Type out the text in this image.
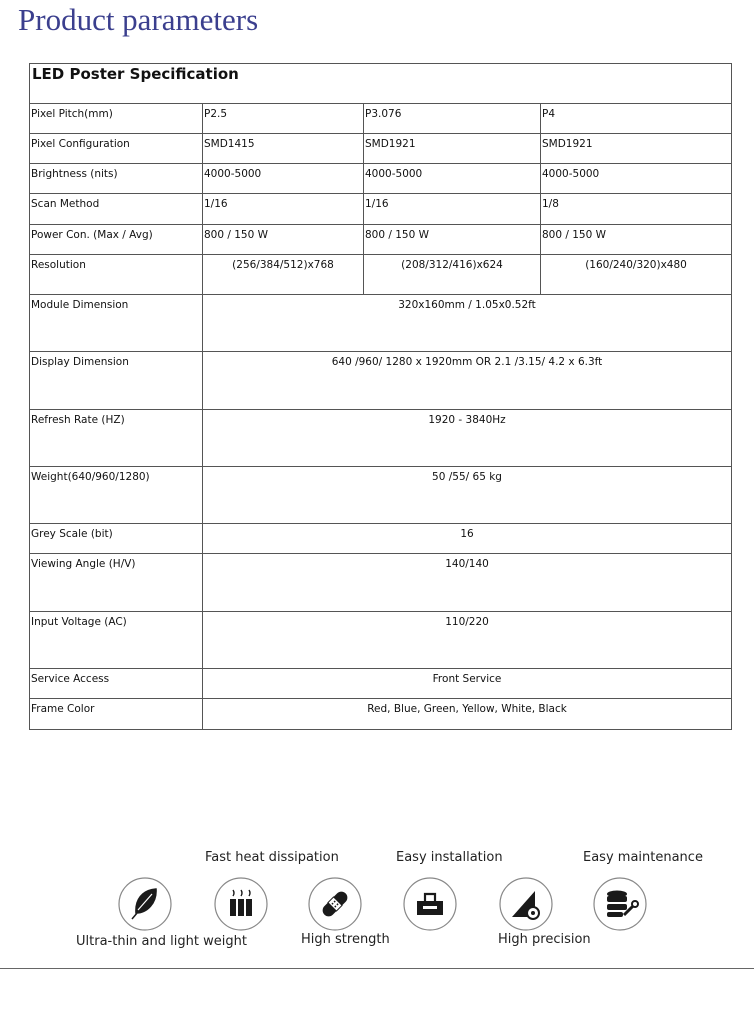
Product parameters
LED Poster Specification			
Pixel Pitch(mm)	P2.5	P3.076	P4
Pixel Configuration	SMD1415	SMD1921	SMD1921
Brightness (nits)	4000-5000	4000-5000	4000-5000
Scan Method	1/16	1/16	1/8
Power Con. (Max / Avg)	800 / 150 W	800 / 150 W	800 / 150 W
Resolution	(256/384/512)x768	(208/312/416)x624	(160/240/320)x480
Module Dimension	320x160mm / 1.05x0.52ft		
Display Dimension	640 /960/ 1280 x 1920mm OR 2.1 /3.15/ 4.2 x 6.3ft		
Refresh Rate (HZ)	1920 - 3840Hz		
Weight(640/960/1280)	50 /55/ 65 kg		
Grey Scale (bit)	16		
Viewing Angle (H/V)	140/140		
Input Voltage (AC)	110/220		
Service Access	Front Service		
Frame Color	Red, Blue, Green, Yellow, White, Black		
Fast heat dissipation	Easy installation	Easy maintenance
Ultra-thin and light weight	High strength	High precision
